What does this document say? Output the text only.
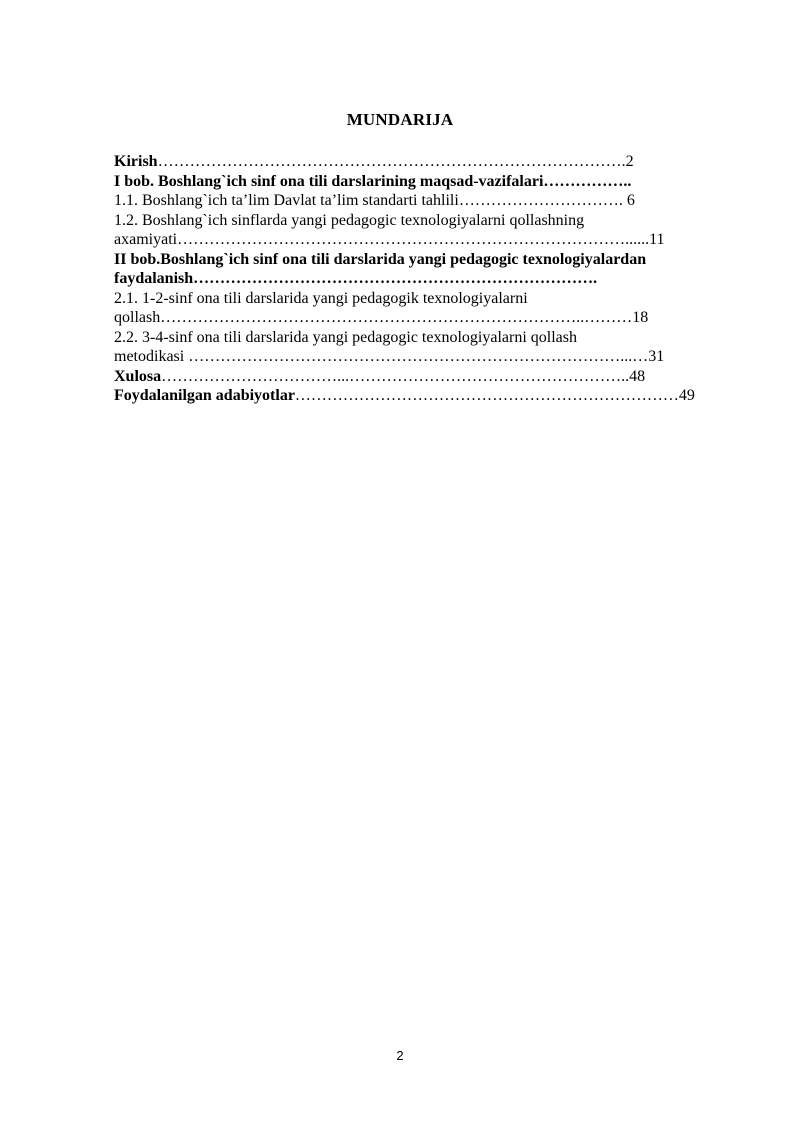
MUNDARIJA
Kirish…………………………………………………………………………….2
I bob. Boshlang`ich sinf ona tili darslarining maqsad-vazifalari……………..
1.1. Boshlang`ich ta’lim Davlat ta’lim standarti tahlili…………………………. 6
1.2. Boshlang`ich sinflarda yangi pedagogic texnologiyalarni qollashning
axamiyati…………………………………………………………………………......11
II bob.Boshlang`ich sinf ona tili darslarida yangi pedagogic texnologiyalardan
faydalanish………………………………………………………………….
2.1. 1-2-sinf ona tili darslarida yangi pedagogik texnologiyalarni
qollash……………………………………………………………………..………18
2.2. 3-4-sinf ona tili darslarida yangi pedagogic texnologiyalarni qollash
metodikasi ………………………………………………………………………...…31
Xulosa……………………………...……………………………………………..48
Foydalanilgan adabiyotlar………………………………………………………………49
2
